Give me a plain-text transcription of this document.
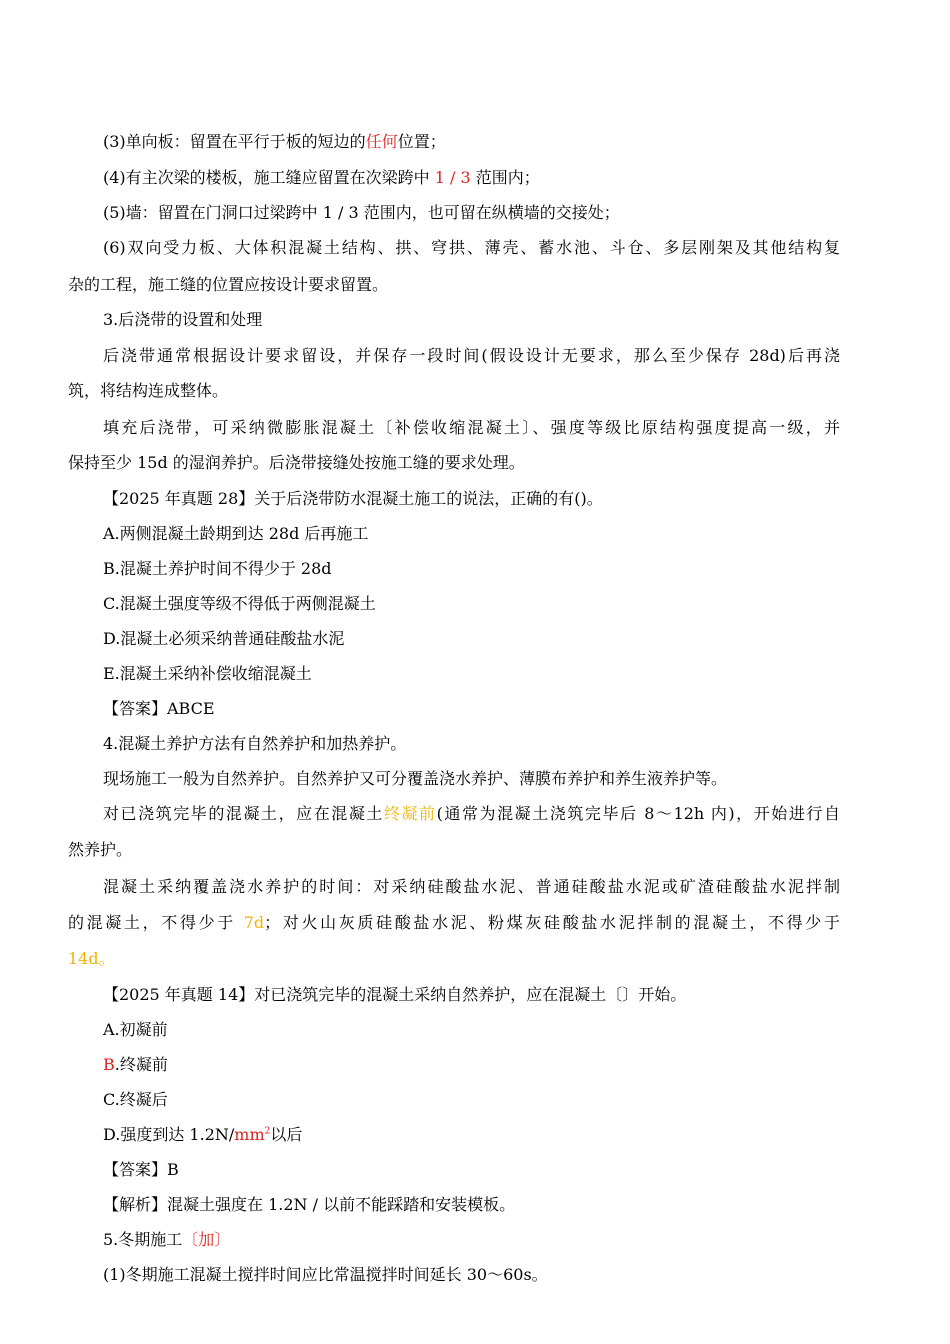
(3)单向板：留置在平行于板的短边的任何位置；
(4)有主次梁的楼板，施工缝应留置在次梁跨中 1 / 3 范围内；
(5)墙：留置在门洞口过梁跨中 1 / 3 范围内，也可留在纵横墙的交接处；
(6)双向受力板、大体积混凝土结构、拱、穹拱、薄壳、蓄水池、斗仓、多层刚架及其他结构复
杂的工程，施工缝的位置应按设计要求留置。
3.后浇带的设置和处理
后浇带通常根据设计要求留设，并保存一段时间(假设设计无要求，那么至少保存 28d)后再浇
筑，将结构连成整体。
填充后浇带，可采纳微膨胀混凝土〔补偿收缩混凝土〕、强度等级比原结构强度提高一级，并
保持至少 15d 的湿润养护。后浇带接缝处按施工缝的要求处理。
【2025 年真题 28】关于后浇带防水混凝土施工的说法，正确的有()。
A.两侧混凝土龄期到达 28d 后再施工
B.混凝土养护时间不得少于 28d
C.混凝土强度等级不得低于两侧混凝土
D.混凝土必须采纳普通硅酸盐水泥
E.混凝土采纳补偿收缩混凝土
【答案】ABCE
4.混凝土养护方法有自然养护和加热养护。
现场施工一般为自然养护。自然养护又可分覆盖浇水养护、薄膜布养护和养生液养护等。
对已浇筑完毕的混凝土，应在混凝土终凝前(通常为混凝土浇筑完毕后 8～12h 内)，开始进行自
然养护。
混凝土采纳覆盖浇水养护的时间：对采纳硅酸盐水泥、普通硅酸盐水泥或矿渣硅酸盐水泥拌制
的混凝土，不得少于 7d；对火山灰质硅酸盐水泥、粉煤灰硅酸盐水泥拌制的混凝土，不得少于
14d。
【2025 年真题 14】对已浇筑完毕的混凝土采纳自然养护，应在混凝土〔〕开始。
A.初凝前
B.终凝前
C.终凝后
D.强度到达 $1.2N/mm^2$以后
【答案】B
【解析】混凝土强度在 1.2N / 以前不能踩踏和安装模板。
5.冬期施工〔加〕
(1)冬期施工混凝土搅拌时间应比常温搅拌时间延长 30～60s。
